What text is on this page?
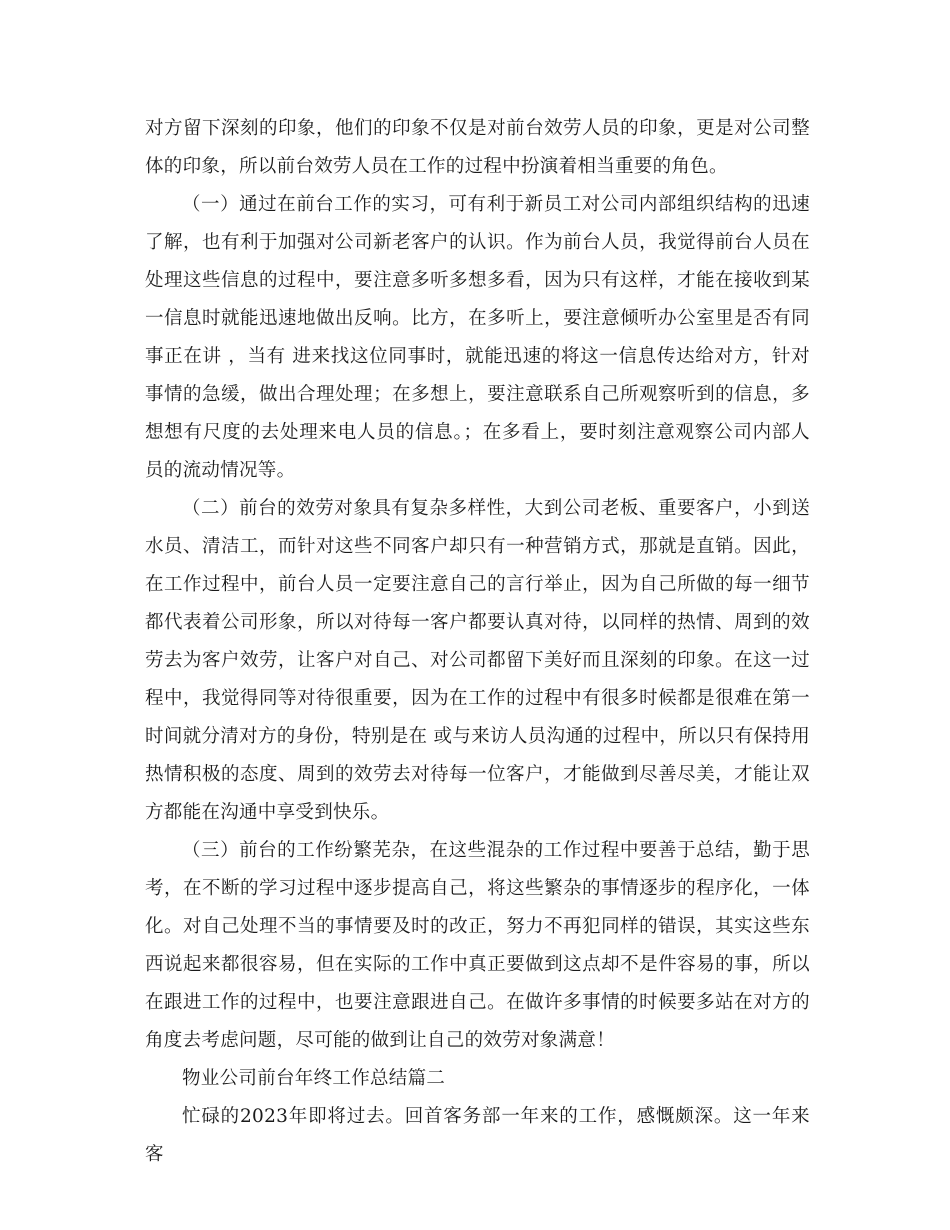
对方留下深刻的印象，他们的印象不仅是对前台效劳人员的印象，更是对公司整体的印象，所以前台效劳人员在工作的过程中扮演着相当重要的角色。

（一）通过在前台工作的实习，可有利于新员工对公司内部组织结构的迅速了解，也有利于加强对公司新老客户的认识。作为前台人员，我觉得前台人员在处理这些信息的过程中，要注意多听多想多看，因为只有这样，才能在接收到某一信息时就能迅速地做出反响。比方，在多听上，要注意倾听办公室里是否有同事正在讲 ，当有 进来找这位同事时，就能迅速的将这一信息传达给对方，针对事情的急缓，做出合理处理；在多想上，要注意联系自己所观察听到的信息，多想想有尺度的去处理来电人员的信息。；在多看上，要时刻注意观察公司内部人员的流动情况等。

（二）前台的效劳对象具有复杂多样性，大到公司老板、重要客户，小到送水员、清洁工，而针对这些不同客户却只有一种营销方式，那就是直销。因此，在工作过程中，前台人员一定要注意自己的言行举止，因为自己所做的每一细节都代表着公司形象，所以对待每一客户都要认真对待，以同样的热情、周到的效劳去为客户效劳，让客户对自己、对公司都留下美好而且深刻的印象。在这一过程中，我觉得同等对待很重要，因为在工作的过程中有很多时候都是很难在第一时间就分清对方的身份，特别是在 或与来访人员沟通的过程中，所以只有保持用热情积极的态度、周到的效劳去对待每一位客户，才能做到尽善尽美，才能让双方都能在沟通中享受到快乐。

（三）前台的工作纷繁芜杂，在这些混杂的工作过程中要善于总结，勤于思考，在不断的学习过程中逐步提高自己，将这些繁杂的事情逐步的程序化，一体化。对自己处理不当的事情要及时的改正，努力不再犯同样的错误，其实这些东西说起来都很容易，但在实际的工作中真正要做到这点却不是件容易的事，所以在跟进工作的过程中，也要注意跟进自己。在做许多事情的时候要多站在对方的角度去考虑问题，尽可能的做到让自己的效劳对象满意！

物业公司前台年终工作总结篇二

忙碌的2023年即将过去。回首客务部一年来的工作，感慨颇深。这一年来客
